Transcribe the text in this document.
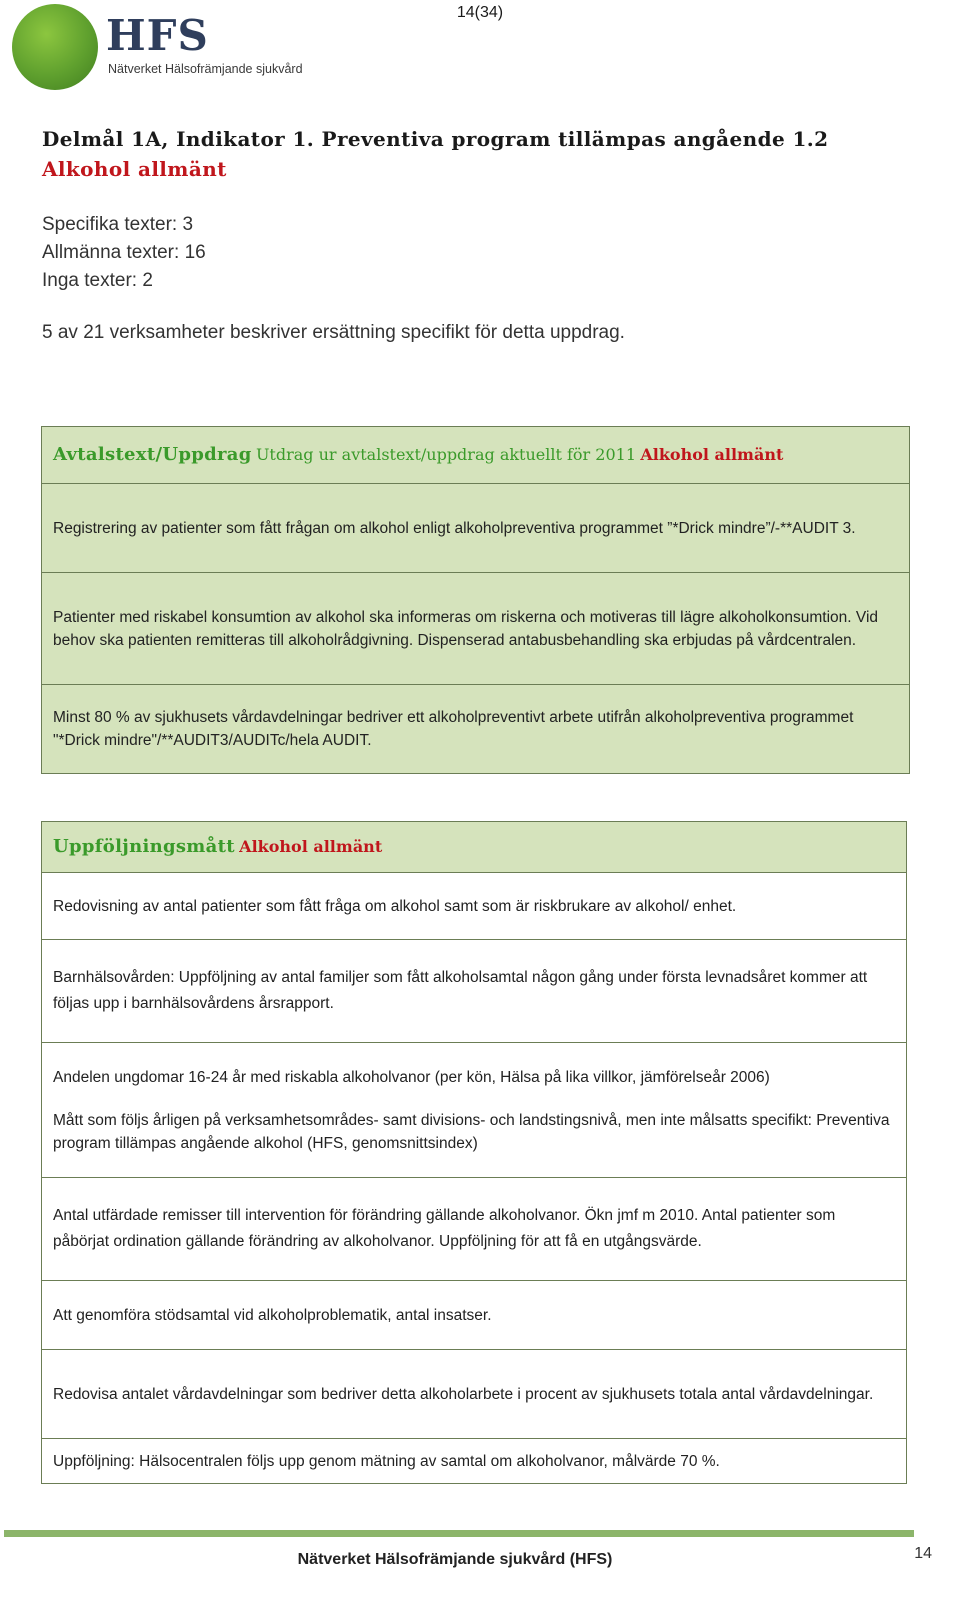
14(34)
HFS
Nätverket Hälsofrämjande sjukvård
Delmål 1A, Indikator 1. Preventiva program tillämpas angående 1.2
Alkohol allmänt
Specifika texter: 3
Allmänna texter: 16
Inga texter: 2
5 av 21 verksamheter beskriver ersättning specifikt för detta uppdrag.
Avtalstext/Uppdrag Utdrag ur avtalstext/uppdrag aktuellt för 2011 Alkohol allmänt
Registrering av patienter som fått frågan om alkohol enligt alkoholpreventiva programmet ”*Drick mindre”/-**AUDIT 3.
Patienter med riskabel konsumtion av alkohol ska informeras om riskerna och motiveras till lägre alkoholkonsumtion. Vid behov ska patienten remitteras till alkoholrådgivning. Dispenserad antabusbehandling ska erbjudas på vårdcentralen.
Minst 80 % av sjukhusets vårdavdelningar bedriver ett alkoholpreventivt arbete utifrån alkoholpreventiva programmet "*Drick mindre"/**AUDIT3/AUDITc/hela AUDIT.
Uppföljningsmått Alkohol allmänt
Redovisning av antal patienter som fått fråga om alkohol samt som är riskbrukare av alkohol/ enhet.
Barnhälsovården: Uppföljning av antal familjer som fått alkoholsamtal någon gång under första levnadsåret kommer att följas upp i barnhälsovårdens årsrapport.

Andelen ungdomar 16-24 år med riskabla alkoholvanor (per kön, Hälsa på lika villkor, jämförelseår 2006)
Mått som följs årligen på verksamhetsområdes- samt divisions- och landstingsnivå, men inte målsatts specifikt: Preventiva program tillämpas angående alkohol (HFS, genomsnittsindex)

Antal utfärdade remisser till intervention för förändring gällande alkoholvanor. Ökn jmf m 2010. Antal patienter som påbörjat ordination gällande förändring av alkoholvanor. Uppföljning för att få en utgångsvärde.
Att genomföra stödsamtal vid alkoholproblematik, antal insatser.
Redovisa antalet vårdavdelningar som bedriver detta alkoholarbete i procent av sjukhusets totala antal vårdavdelningar.
Uppföljning: Hälsocentralen följs upp genom mätning av samtal om alkoholvanor, målvärde 70 %.
Nätverket Hälsofrämjande sjukvård (HFS)	14
